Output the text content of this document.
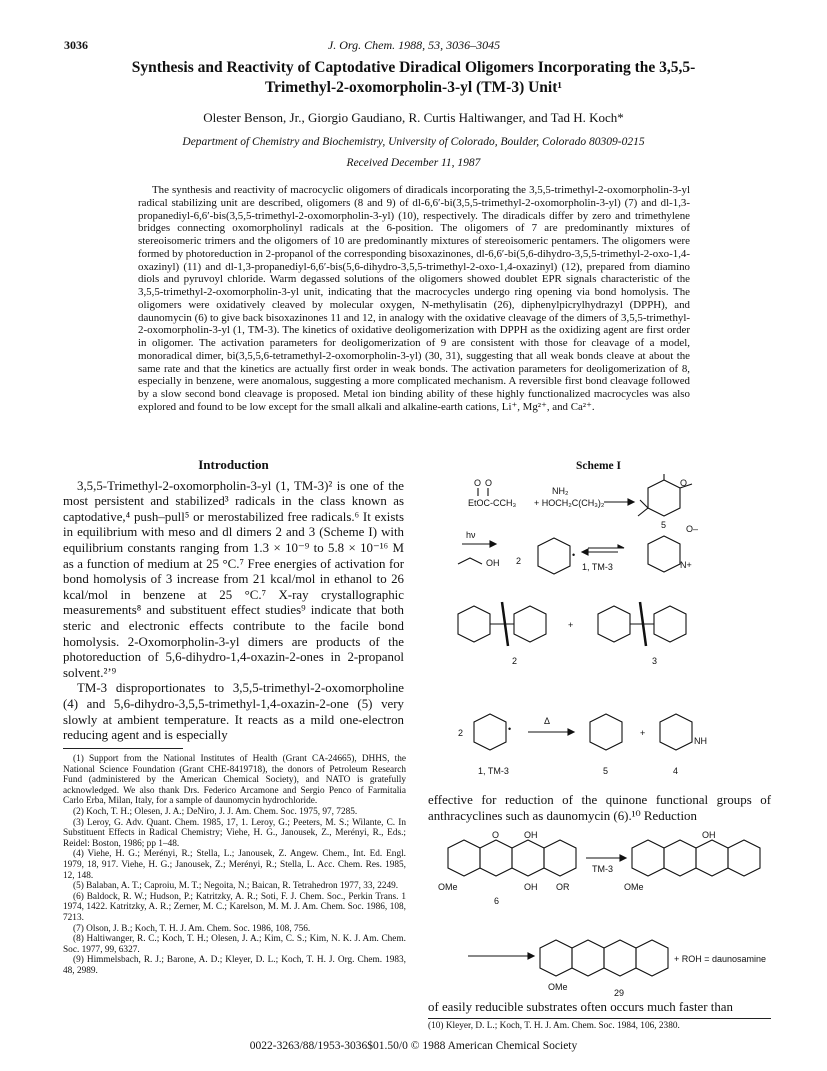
3036	J. Org. Chem. 1988, 53, 3036–3045
Synthesis and Reactivity of Captodative Diradical Oligomers Incorporating the 3,5,5-Trimethyl-2-oxomorpholin-3-yl (TM-3) Unit¹
Olester Benson, Jr., Giorgio Gaudiano, R. Curtis Haltiwanger, and Tad H. Koch*
Department of Chemistry and Biochemistry, University of Colorado, Boulder, Colorado 80309-0215
Received December 11, 1987
The synthesis and reactivity of macrocyclic oligomers of diradicals incorporating the 3,5,5-trimethyl-2-oxomorpholin-3-yl radical stabilizing unit are described, oligomers (8 and 9) of dl-6,6′-bi(3,5,5-trimethyl-2-oxomorpholin-3-yl) (7) and dl-1,3-propanediyl-6,6′-bis(3,5,5-trimethyl-2-oxomorpholin-3-yl) (10), respectively. The diradicals differ by zero and trimethylene bridges connecting oxomorpholinyl radicals at the 6-position. The oligomers of 7 are predominantly mixtures of stereoisomeric trimers and the oligomers of 10 are predominantly mixtures of stereoisomeric pentamers. The oligomers were formed by photoreduction in 2-propanol of the corresponding bisoxazinones, dl-6,6′-bi(5,6-dihydro-3,5,5-trimethyl-2-oxo-1,4-oxazinyl) (11) and dl-1,3-propanediyl-6,6′-bis(5,6-dihydro-3,5,5-trimethyl-2-oxo-1,4-oxazinyl) (12), prepared from diamino diols and pyruvoyl chloride. Warm degassed solutions of the oligomers showed doublet EPR signals characteristic of the 3,5,5-trimethyl-2-oxomorpholin-3-yl unit, indicating that the macrocycles undergo ring opening via bond homolysis. The oligomers were oxidatively cleaved by molecular oxygen, N-methylisatin (26), diphenylpicrylhydrazyl (DPPH), and daunomycin (6) to give back bisoxazinones 11 and 12, in analogy with the oxidative cleavage of the dimers of 3,5,5-trimethyl-2-oxomorpholin-3-yl (1, TM-3). The kinetics of oxidative deoligomerization with DPPH as the oxidizing agent are first order in oligomer. The activation parameters for deoligomerization of 9 are consistent with those for cleavage of a model, monoradical dimer, bi(3,5,5,6-tetramethyl-2-oxomorpholin-3-yl) (30, 31), suggesting that all weak bonds cleave at about the same rate and that the kinetics are actually first order in weak bonds. The activation parameters for deoligomerization of 8, especially in benzene, were anomalous, suggesting a more complicated mechanism. A reversible first bond cleavage followed by a slow second bond cleavage is proposed. Metal ion binding ability of these highly functionalized macrocycles was also explored and found to be low except for the small alkali and alkaline-earth cations, Li⁺, Mg²⁺, and Ca²⁺.
Introduction

3,5,5-Trimethyl-2-oxomorpholin-3-yl (1, TM-3)² is one of the most persistent and stabilized³ radicals in the class known as captodative,⁴ push–pull⁵ or merostabilized free radicals.⁶ It exists in equilibrium with meso and dl dimers 2 and 3 (Scheme I) with equilibrium constants ranging from 1.3 × 10⁻⁹ to 5.8 × 10⁻¹⁶ M as a function of medium at 25 °C.⁷ Free energies of activation for bond homolysis of 3 increase from 21 kcal/mol in ethanol to 26 kcal/mol in benzene at 25 °C.⁷ X-ray crystallographic measurements⁸ and substituent effect studies⁹ indicate that both steric and electronic effects contribute to the facile bond homolysis. 2-Oxomorpholin-3-yl dimers are products of the photoreduction of 5,6-dihydro-1,4-oxazin-2-ones in 2-propanol solvent.²ʼ⁹

TM-3 disproportionates to 3,5,5-trimethyl-2-oxomorpholine (4) and 5,6-dihydro-3,5,5-trimethyl-1,4-oxazin-2-one (5) very slowly at ambient temperature. It reacts as a mild one-electron reducing agent and is especially

(1) Support from the National Institutes of Health (Grant CA-24665), DHHS, the National Science Foundation (Grant CHE-8419718), the donors of Petroleum Research Fund (administered by the American Chemical Society), and NATO is gratefully acknowledged. We also thank Drs. Federico Arcamone and Sergio Penco of Farmitalia Carlo Erba, Milan, Italy, for a sample of daunomycin hydrochloride.

(2) Koch, T. H.; Olesen, J. A.; DeNiro, J. J. Am. Chem. Soc. 1975, 97, 7285.

(3) Leroy, G. Adv. Quant. Chem. 1985, 17, 1. Leroy, G.; Peeters, M. S.; Wilante, C. In Substituent Effects in Radical Chemistry; Viehe, H. G., Janousek, Z., Merényi, R., Eds.; Reidel: Boston, 1986; pp 1–48.

(4) Viehe, H. G.; Merényi, R.; Stella, L.; Janousek, Z. Angew. Chem., Int. Ed. Engl. 1979, 18, 917. Viehe, H. G.; Janousek, Z.; Merényi, R.; Stella, L. Acc. Chem. Res. 1985, 12, 148.

(5) Balaban, A. T.; Caproiu, M. T.; Negoita, N.; Baican, R. Tetrahedron 1977, 33, 2249.

(6) Baldock, R. W.; Hudson, P.; Katritzky, A. R.; Soti, F. J. Chem. Soc., Perkin Trans. 1 1974, 1422. Katritzky, A. R.; Zerner, M. C.; Karelson, M. M. J. Am. Chem. Soc. 1986, 108, 7213.

(7) Olson, J. B.; Koch, T. H. J. Am. Chem. Soc. 1986, 108, 756.

(8) Haltiwanger, R. C.; Koch, T. H.; Olesen, J. A.; Kim, C. S.; Kim, N. K. J. Am. Chem. Soc. 1977, 99, 6327.

(9) Himmelsbach, R. J.; Barone, A. D.; Kleyer, D. L.; Koch, T. H. J. Org. Chem. 1983, 48, 2989.

Scheme I
EtOC-CCH₃ + HOCH₂C(CH₃)₂
NH₂
O O	O
5
hν
OH 2
•
1, TM-3	N+
O–
2
+
3
2	•
1, TM-3
Δ
5
+
NH
4
effective for reduction of the quinone functional groups of anthracyclines such as daunomycin (6).¹⁰ Reduction
O	OH
OMe	OH OR
6
TM-3
OMe
OH
+ ROH = daunosamine
OMe
29
of easily reducible substrates often occurs much faster than
(10) Kleyer, D. L.; Koch, T. H. J. Am. Chem. Soc. 1984, 106, 2380.
0022-3263/88/1953-3036$01.50/0 © 1988 American Chemical Society
